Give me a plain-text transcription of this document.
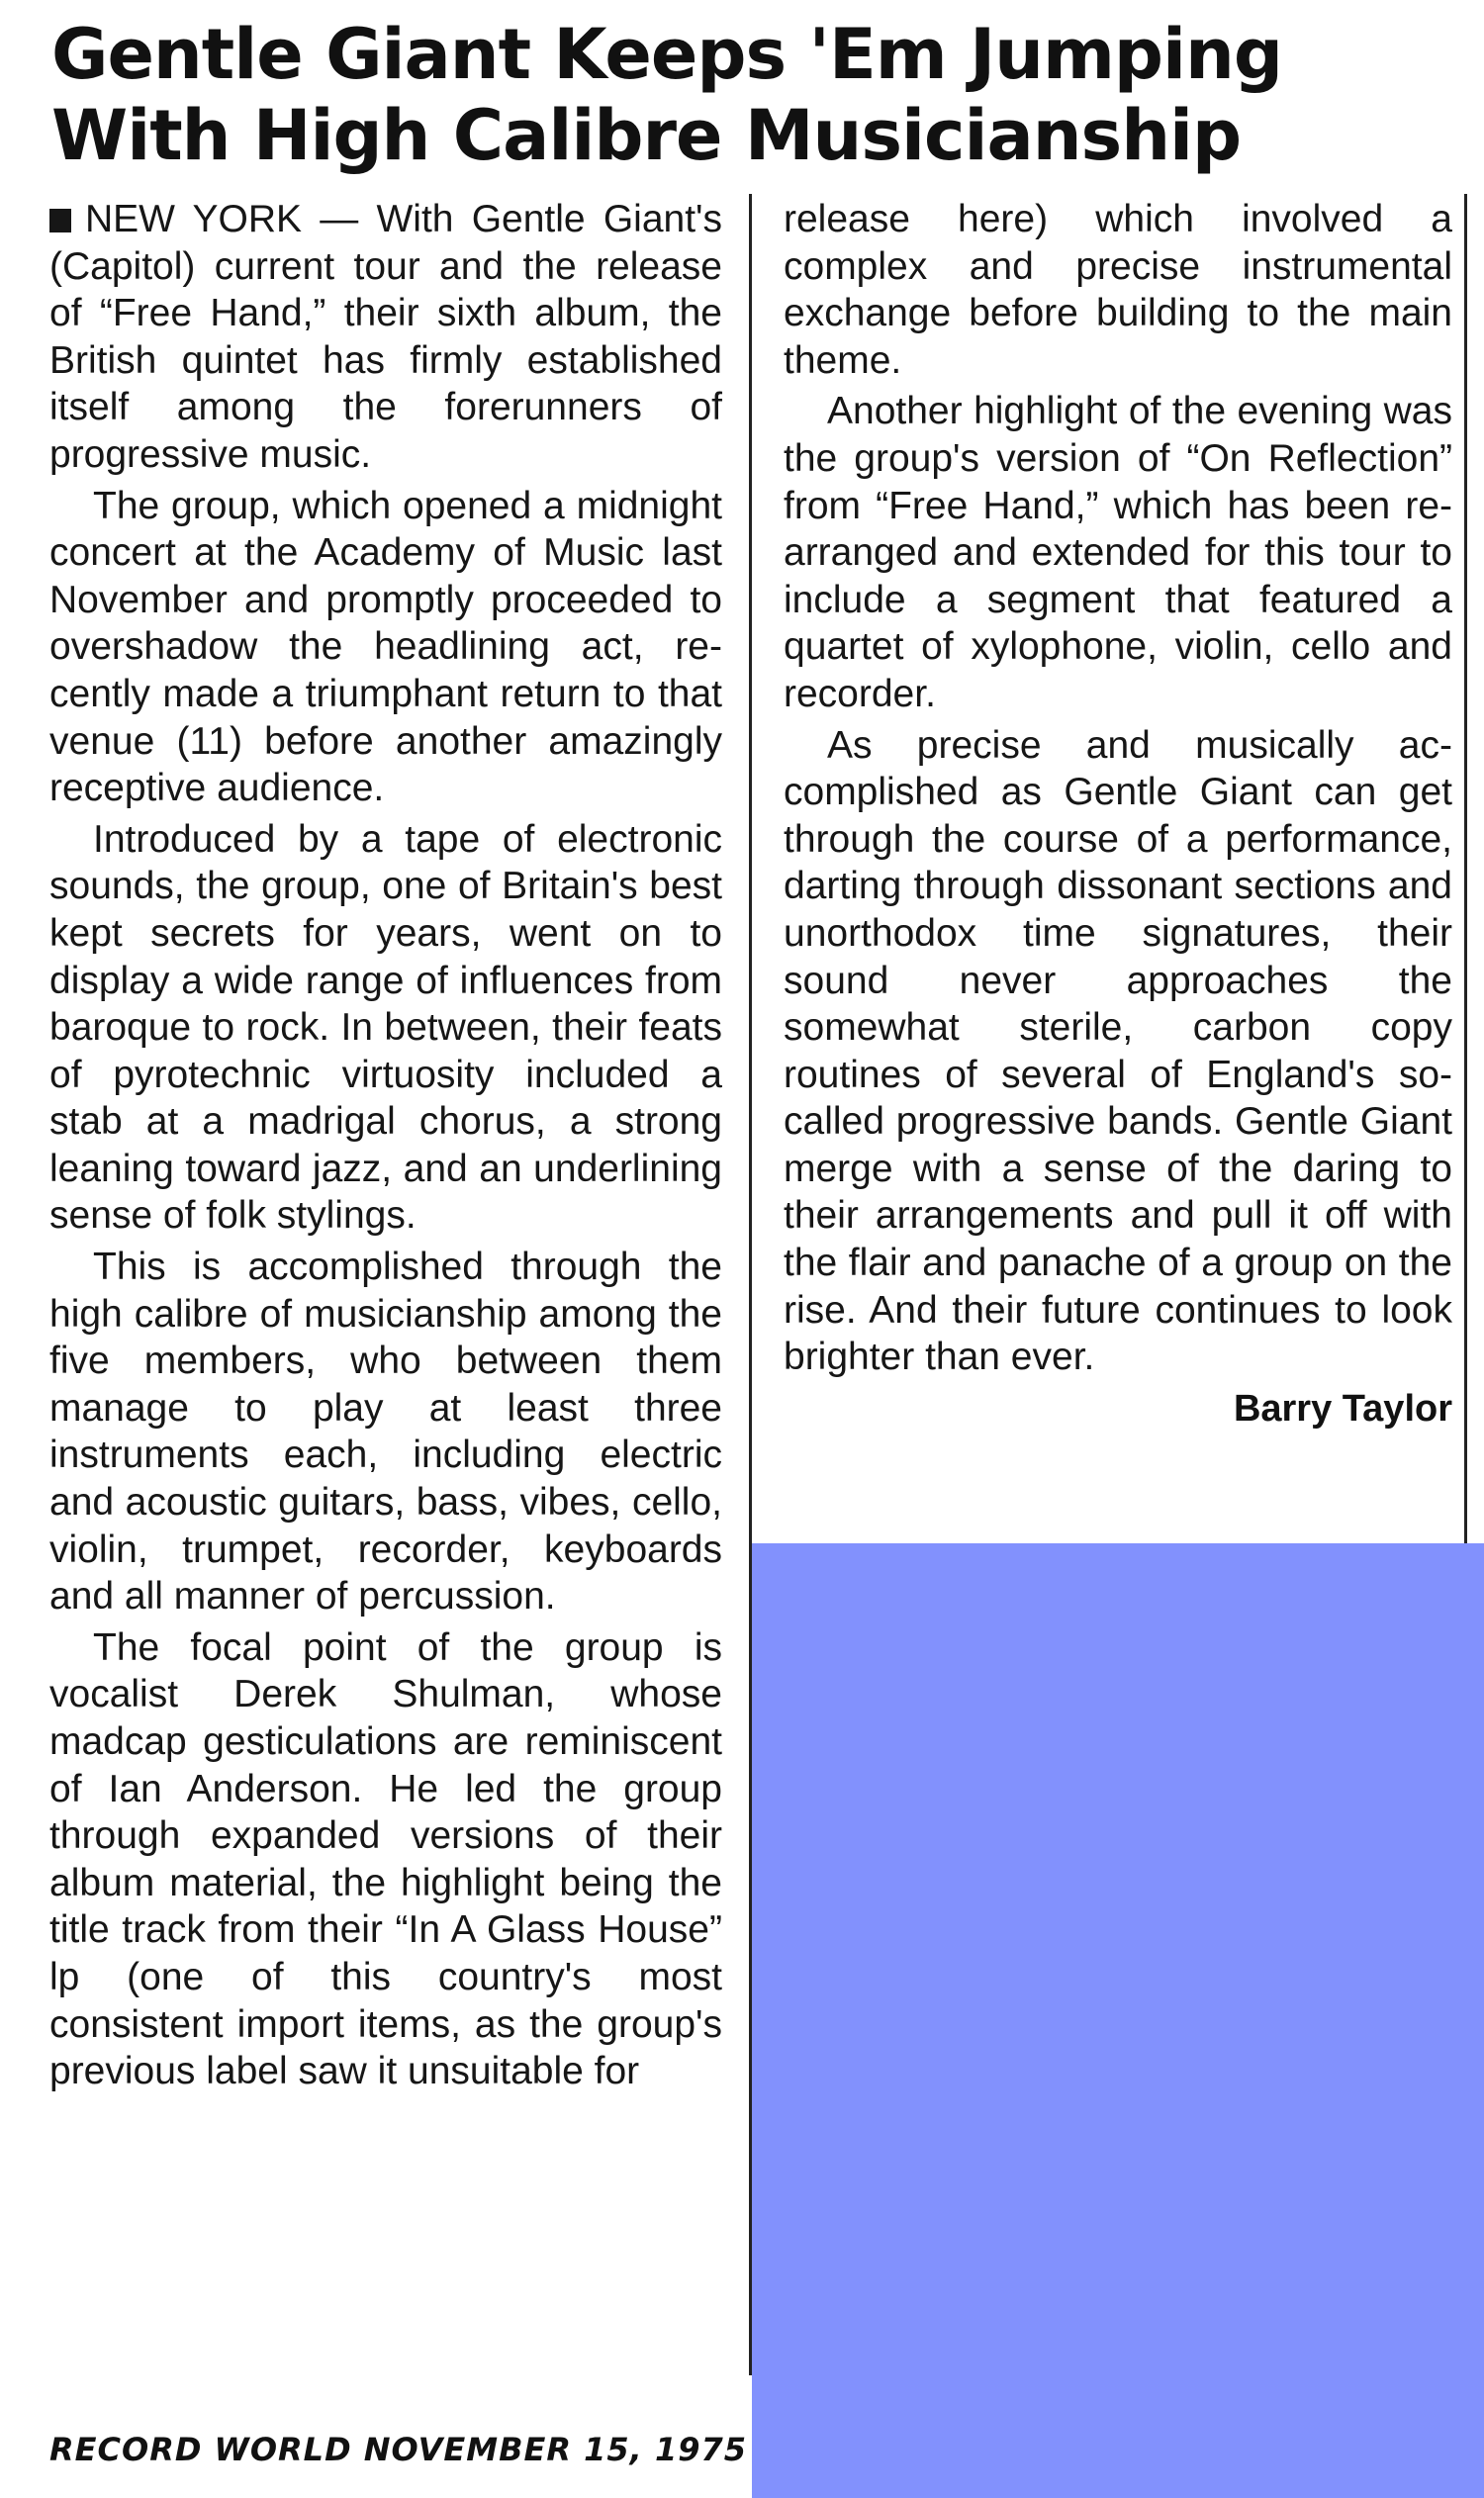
Gentle Giant Keeps 'Em Jumping
With High Calibre Musicianship

NEW YORK — With Gentle Giant's (Capitol) current tour and the release of “Free Hand,” their sixth album, the British quintet has firmly established itself among the forerunners of progressive music.

The group, which opened a midnight concert at the Academy of Music last November and promptly proceeded to overshadow the headlining act, recently made a triumphant return to that venue (11) before another amazingly receptive audience.

Introduced by a tape of electronic sounds, the group, one of Britain's best kept secrets for years, went on to display a wide range of influences from baroque to rock. In between, their feats of pyrotechnic virtuosity included a stab at a madrigal chorus, a strong leaning toward jazz, and an underlining sense of folk stylings.

This is accomplished through the high calibre of musicianship among the five members, who between them manage to play at least three instruments each, including electric and acoustic guitars, bass, vibes, cello, violin, trumpet, recorder, keyboards and all manner of percussion.

The focal point of the group is vocalist Derek Shulman, whose madcap gesticulations are reminiscent of Ian Anderson. He led the group through expanded versions of their album material, the highlight being the title track from their “In A Glass House” lp (one of this country's most consistent import items, as the group's previous label saw it unsuitable for

release here) which involved a complex and precise instrumental exchange before building to the main theme.

Another highlight of the evening was the group's version of “On Reflection” from “Free Hand,” which has been re-arranged and extended for this tour to include a segment that featured a quartet of xylophone, violin, cello and recorder.

As precise and musically accomplished as Gentle Giant can get through the course of a performance, darting through dissonant sections and unorthodox time signatures, their sound never approaches the somewhat sterile, carbon copy routines of several of England's so-called progressive bands. Gentle Giant merge with a sense of the daring to their arrangements and pull it off with the flair and panache of a group on the rise. And their future continues to look brighter than ever.

Barry Taylor

RECORD WORLD NOVEMBER 15, 1975
